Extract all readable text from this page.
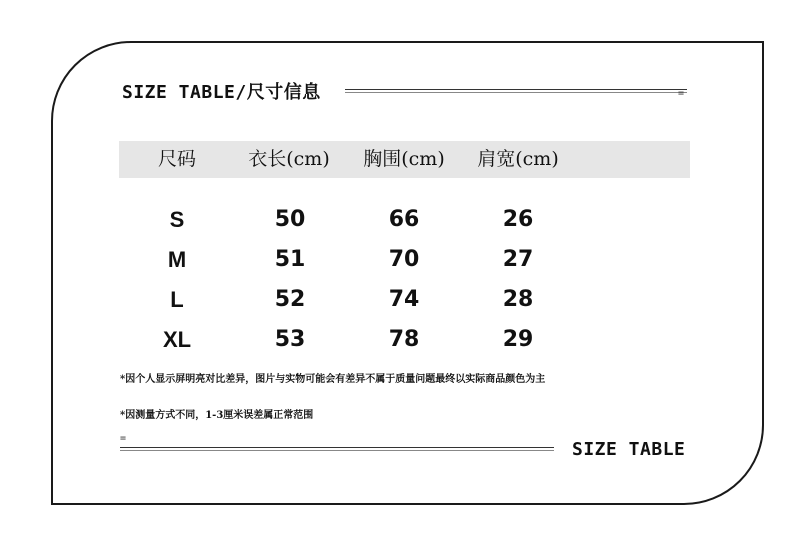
SIZE TABLE/尺寸信息	=
尺码	衣长(cm) 胸围(cm) 肩宽(cm)
S	50	66	26
M	51	70	27
L	52	74	28
XL	53	78	29
*因个人显示屏明亮对比差异，图片与实物可能会有差异不属于质量问题最终以实际商品颜色为主
*因测量方式不同，1-3厘米误差属正常范围
=
SIZE TABLE
